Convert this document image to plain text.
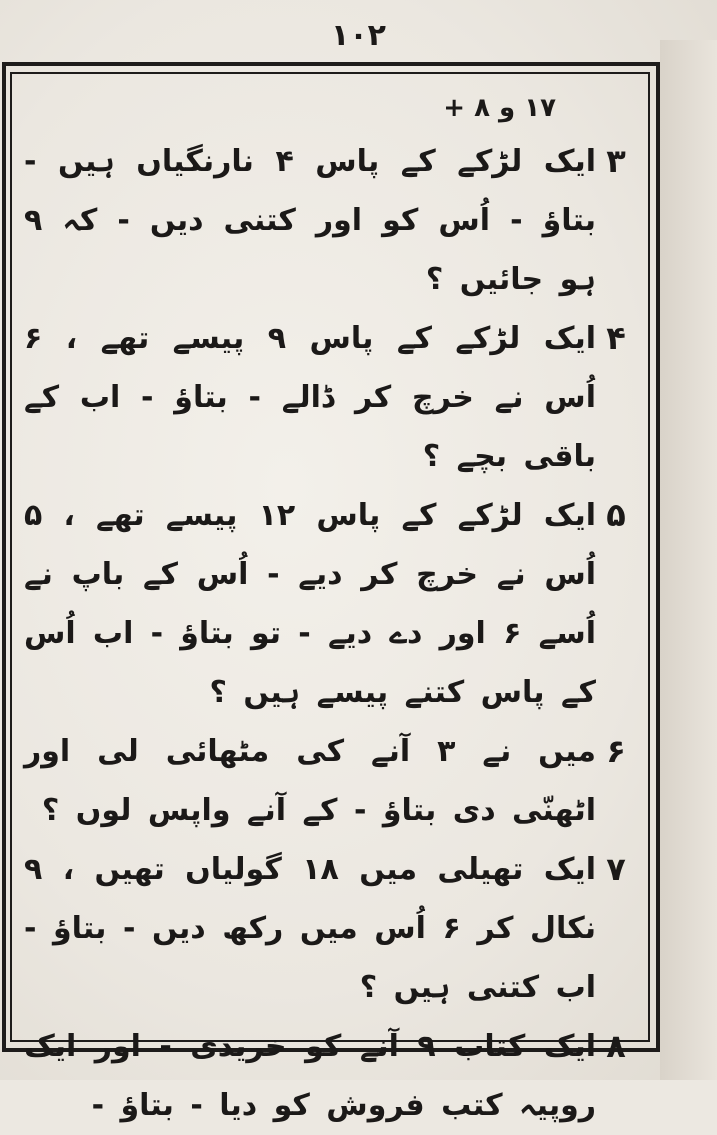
۱۰۲
۱۷ و ۸ +
۳
ایک لڑکے کے پاس ۴ نارنگیاں ہیں - بتاؤ - اُس کو اور کتنی دیں - کہ ۹ ہو جائیں ؟
۴
ایک لڑکے کے پاس ۹ پیسے تھے ، ۶ اُس نے خرچ کر ڈالے - بتاؤ - اب کے باقی بچے ؟
۵
ایک لڑکے کے پاس ۱۲ پیسے تھے ، ۵ اُس نے خرچ کر دیے - اُس کے باپ نے اُسے ۶ اور دے دیے - تو بتاؤ - اب اُس کے پاس کتنے پیسے ہیں ؟
۶
میں نے ۳ آنے کی مٹھائی لی اور اٹھنّی دی بتاؤ - کے آنے واپس لوں ؟
۷
ایک تھیلی میں ۱۸ گولیاں تھیں ، ۹ نکال کر ۶ اُس میں رکھ دیں - بتاؤ - اب کتنی ہیں ؟
۸
ایک کتاب ۹ آنے کو خریدی - اور ایک روپیہ کتب فروش کو دیا - بتاؤ -
